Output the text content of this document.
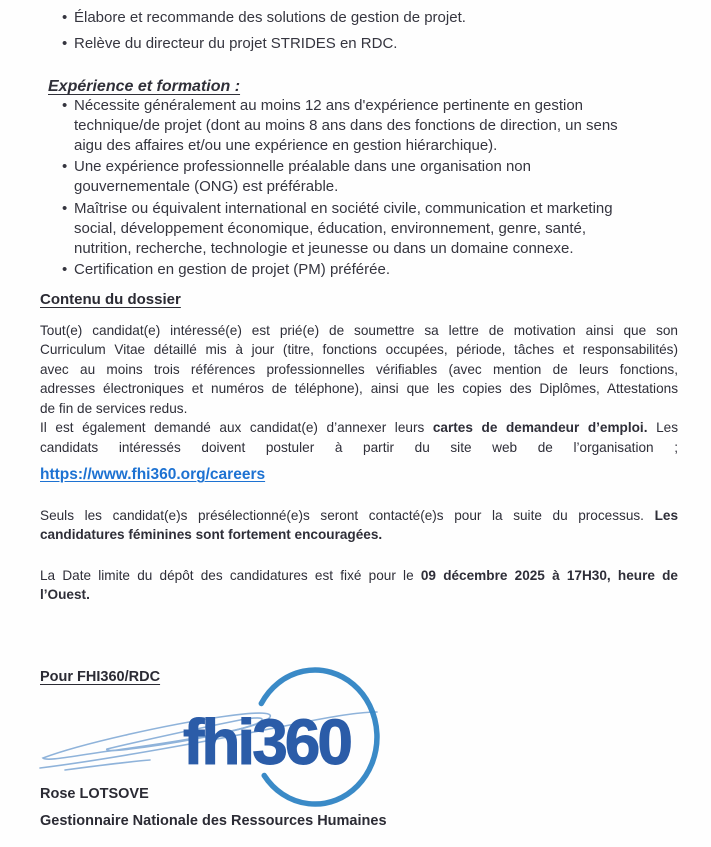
• Élabore et recommande des solutions de gestion de projet.
• Relève du directeur du projet STRIDES en RDC.
Expérience et formation :
• Nécessite généralement au moins 12 ans d'expérience pertinente en gestion technique/de projet (dont au moins 8 ans dans des fonctions de direction, un sens aigu des affaires et/ou une expérience en gestion hiérarchique).
• Une expérience professionnelle préalable dans une organisation non gouvernementale (ONG) est préférable.
• Maîtrise ou équivalent international en société civile, communication et marketing social, développement économique, éducation, environnement, genre, santé, nutrition, recherche, technologie et jeunesse ou dans un domaine connexe.
• Certification en gestion de projet (PM) préférée.
Contenu du dossier
Tout(e) candidat(e) intéressé(e) est prié(e) de soumettre sa lettre de motivation ainsi que son
Curriculum Vitae détaillé mis à jour (titre, fonctions occupées, période, tâches et responsabilités)
avec au moins trois références professionnelles vérifiables (avec mention de leurs fonctions,
adresses électroniques et numéros de téléphone), ainsi que les copies des Diplômes, Attestations
de fin de services redus.
Il est également demandé aux candidat(e) d’annexer leurs cartes de demandeur d’emploi. Les
candidats intéressés doivent postuler à partir du site web de l’organisation ;
https://www.fhi360.org/careers
Seuls les candidat(e)s présélectionné(e)s seront contacté(e)s pour la suite du processus. Les
candidatures féminines sont fortement encouragées.
La Date limite du dépôt des candidatures est fixé pour le 09 décembre 2025 à 17H30, heure de
l’Ouest.
Pour FHI360/RDC
fhi360
Rose LOTSOVE
Gestionnaire Nationale des Ressources Humaines
